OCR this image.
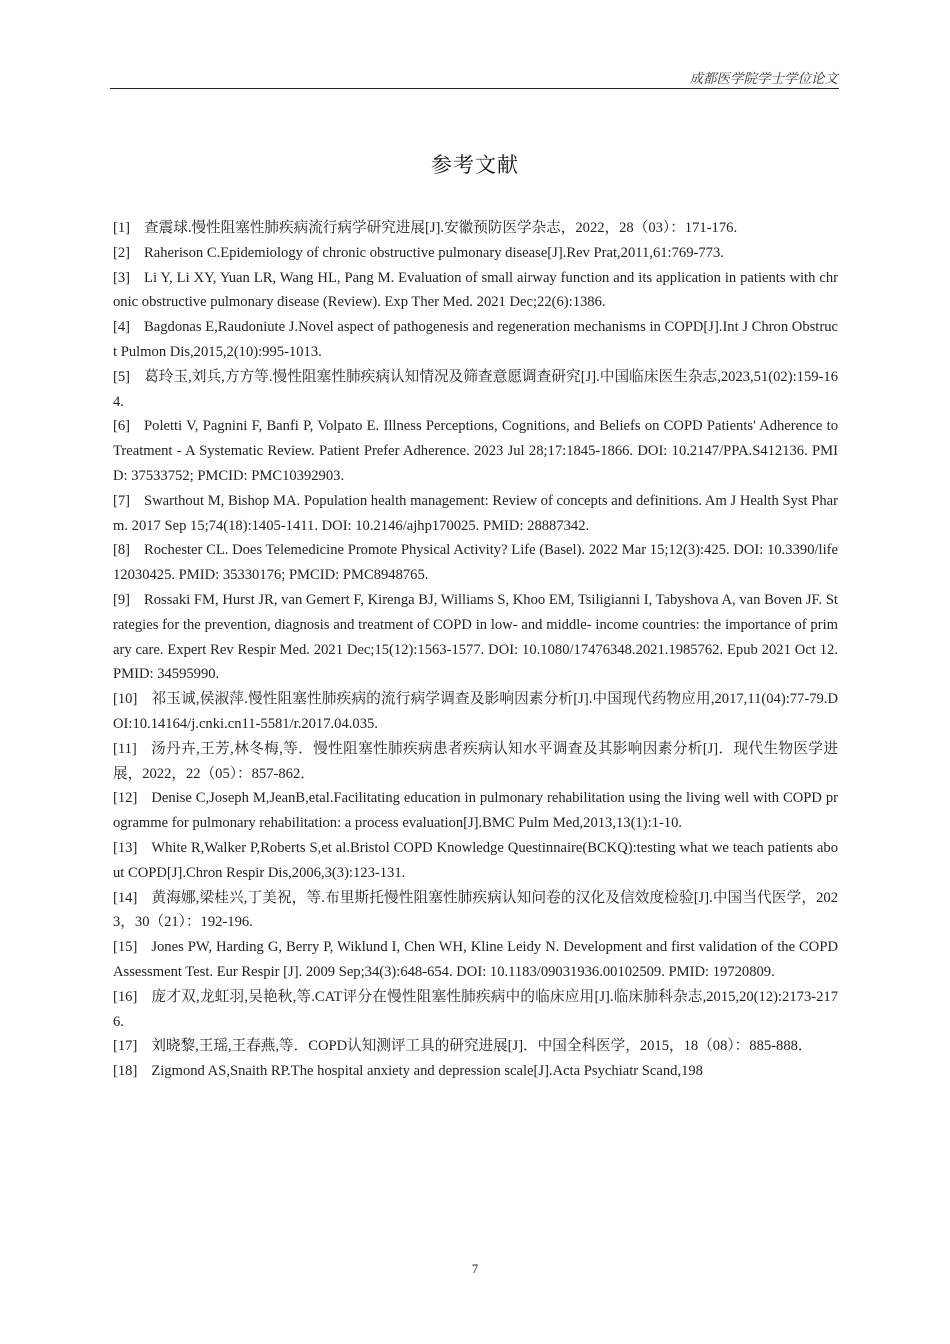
成都医学院学士学位论文
参考文献

[1] 查震球.慢性阻塞性肺疾病流行病学研究进展[J].安徽预防医学杂志，2022，28（03）：171-176.

[2] Raherison C.Epidemiology of chronic obstructive pulmonary disease[J].Rev Prat,2011,61:769-773.

[3] Li Y, Li XY, Yuan LR, Wang HL, Pang M. Evaluation of small airway function and its application in patients with chronic obstructive pulmonary disease (Review). Exp Ther Med. 2021 Dec;22(6):1386.

[4] Bagdonas E,Raudoniute J.Novel aspect of pathogenesis and regeneration mechanisms in COPD[J].Int J Chron Obstruct Pulmon Dis,2015,2(10):995-1013.

[5] 葛玲玉,刘兵,方方等.慢性阻塞性肺疾病认知情况及筛查意愿调查研究[J].中国临床医生杂志,2023,51(02):159-164.

[6] Poletti V, Pagnini F, Banfi P, Volpato E. Illness Perceptions, Cognitions, and Beliefs on COPD Patients' Adherence to Treatment - A Systematic Review. Patient Prefer Adherence. 2023 Jul 28;17:1845-1866. DOI: 10.2147/PPA.S412136. PMID: 37533752; PMCID: PMC10392903.

[7] Swarthout M, Bishop MA. Population health management: Review of concepts and definitions. Am J Health Syst Pharm. 2017 Sep 15;74(18):1405-1411. DOI: 10.2146/ajhp170025. PMID: 28887342.

[8] Rochester CL. Does Telemedicine Promote Physical Activity? Life (Basel). 2022 Mar 15;12(3):425. DOI: 10.3390/life12030425. PMID: 35330176; PMCID: PMC8948765.

[9] Rossaki FM, Hurst JR, van Gemert F, Kirenga BJ, Williams S, Khoo EM, Tsiligianni I, Tabyshova A, van Boven JF. Strategies for the prevention, diagnosis and treatment of COPD in low- and middle- income countries: the importance of primary care. Expert Rev Respir Med. 2021 Dec;15(12):1563-1577. DOI: 10.1080/17476348.2021.1985762. Epub 2021 Oct 12. PMID: 34595990.

[10] 祁玉诚,侯淑萍.慢性阻塞性肺疾病的流行病学调查及影响因素分析[J].中国现代药物应用,2017,11(04):77-79.DOI:10.14164/j.cnki.cn11-5581/r.2017.04.035.

[11] 汤丹卉,王芳,林冬梅,等．慢性阻塞性肺疾病患者疾病认知水平调查及其影响因素分析[J]．现代生物医学进展，2022，22（05）：857-862．

[12] Denise C,Joseph M,JeanB,etal.Facilitating education in pulmonary rehabilitation using the living well with COPD programme for pulmonary rehabilitation: a process evaluation[J].BMC Pulm Med,2013,13(1):1-10.

[13] White R,Walker P,Roberts S,et al.Bristol COPD Knowledge Questinnaire(BCKQ):testing what we teach patients about COPD[J].Chron Respir Dis,2006,3(3):123-131.

[14] 黄海娜,梁桂兴,丁美祝，等.布里斯托慢性阻塞性肺疾病认知问卷的汉化及信效度检验[J].中国当代医学，2023，30（21）：192-196.

[15] Jones PW, Harding G, Berry P, Wiklund I, Chen WH, Kline Leidy N. Development and first validation of the COPD Assessment Test. Eur Respir [J]. 2009 Sep;34(3):648-654. DOI: 10.1183/09031936.00102509. PMID: 19720809.

[16] 庞才双,龙虹羽,吴艳秋,等.CAT评分在慢性阻塞性肺疾病中的临床应用[J].临床肺科杂志,2015,20(12):2173-2176.

[17] 刘晓黎,王瑶,王春燕,等．COPD认知测评工具的研究进展[J]．中国全科医学，2015，18（08）：885-888．

[18] Zigmond AS,Snaith RP.The hospital anxiety and depression scale[J].Acta Psychiatr Scand,198

7
